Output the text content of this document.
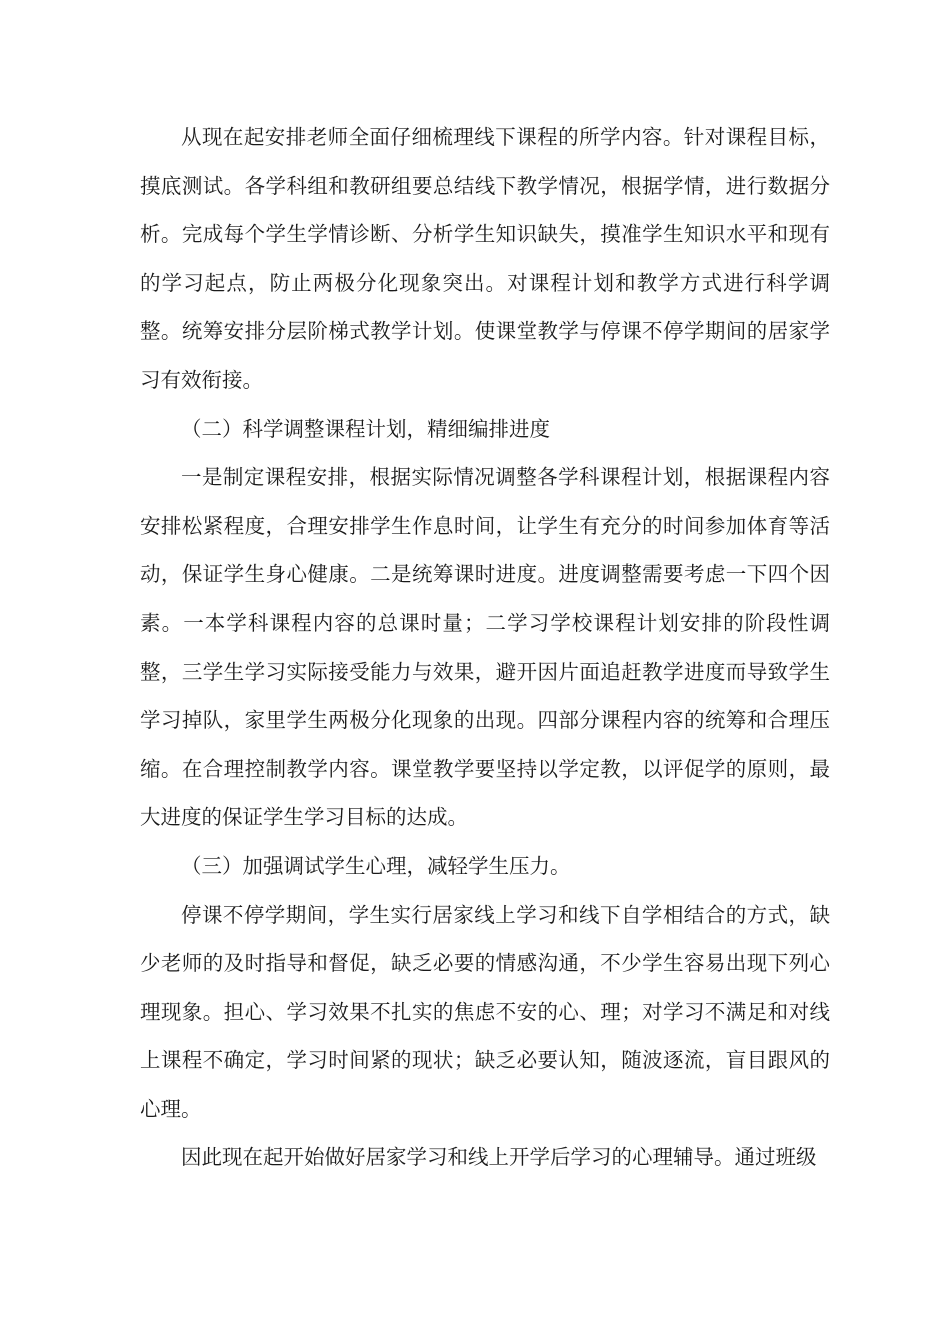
从现在起安排老师全面仔细梳理线下课程的所学内容。针对课程目标，摸底测试。各学科组和教研组要总结线下教学情况，根据学情，进行数据分析。完成每个学生学情诊断、分析学生知识缺失，摸准学生知识水平和现有的学习起点，防止两极分化现象突出。对课程计划和教学方式进行科学调整。统筹安排分层阶梯式教学计划。使课堂教学与停课不停学期间的居家学习有效衔接。

（二）科学调整课程计划，精细编排进度

一是制定课程安排，根据实际情况调整各学科课程计划，根据课程内容安排松紧程度，合理安排学生作息时间，让学生有充分的时间参加体育等活动，保证学生身心健康。二是统筹课时进度。进度调整需要考虑一下四个因素。一本学科课程内容的总课时量；二学习学校课程计划安排的阶段性调整，三学生学习实际接受能力与效果，避开因片面追赶教学进度而导致学生学习掉队，家里学生两极分化现象的出现。四部分课程内容的统筹和合理压缩。在合理控制教学内容。课堂教学要坚持以学定教，以评促学的原则，最大进度的保证学生学习目标的达成。

（三）加强调试学生心理，减轻学生压力。

停课不停学期间，学生实行居家线上学习和线下自学相结合的方式，缺少老师的及时指导和督促，缺乏必要的情感沟通，不少学生容易出现下列心理现象。担心、学习效果不扎实的焦虑不安的心、理；对学习不满足和对线上课程不确定，学习时间紧的现状；缺乏必要认知，随波逐流，盲目跟风的心理。

因此现在起开始做好居家学习和线上开学后学习的心理辅导。通过班级
